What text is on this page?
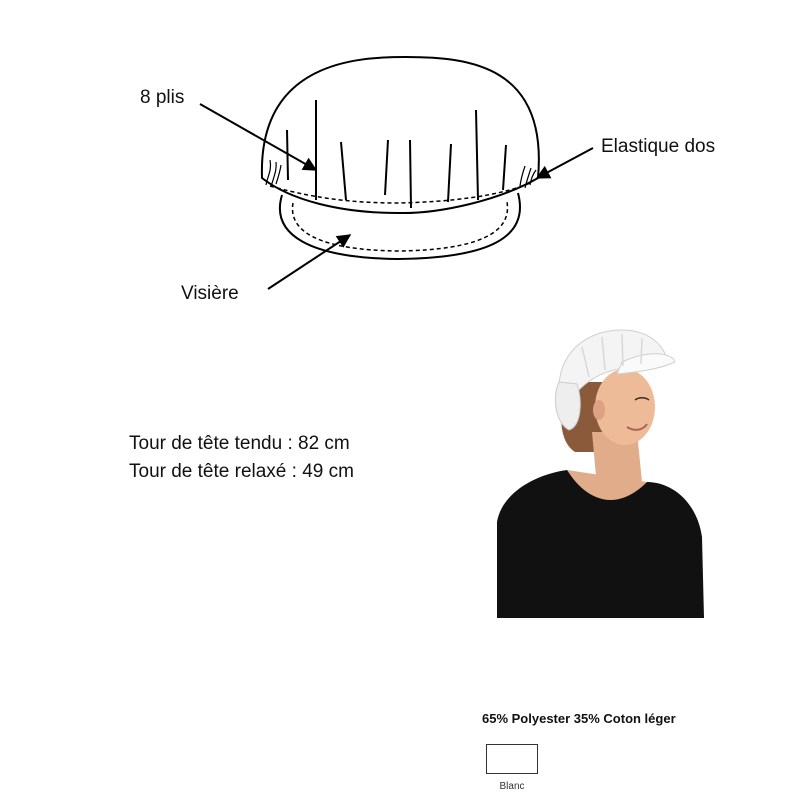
8 plis
Elastique dos
Visière
Tour de tête tendu : 82 cm
Tour de tête relaxé : 49 cm
65% Polyester 35% Coton léger
Blanc
